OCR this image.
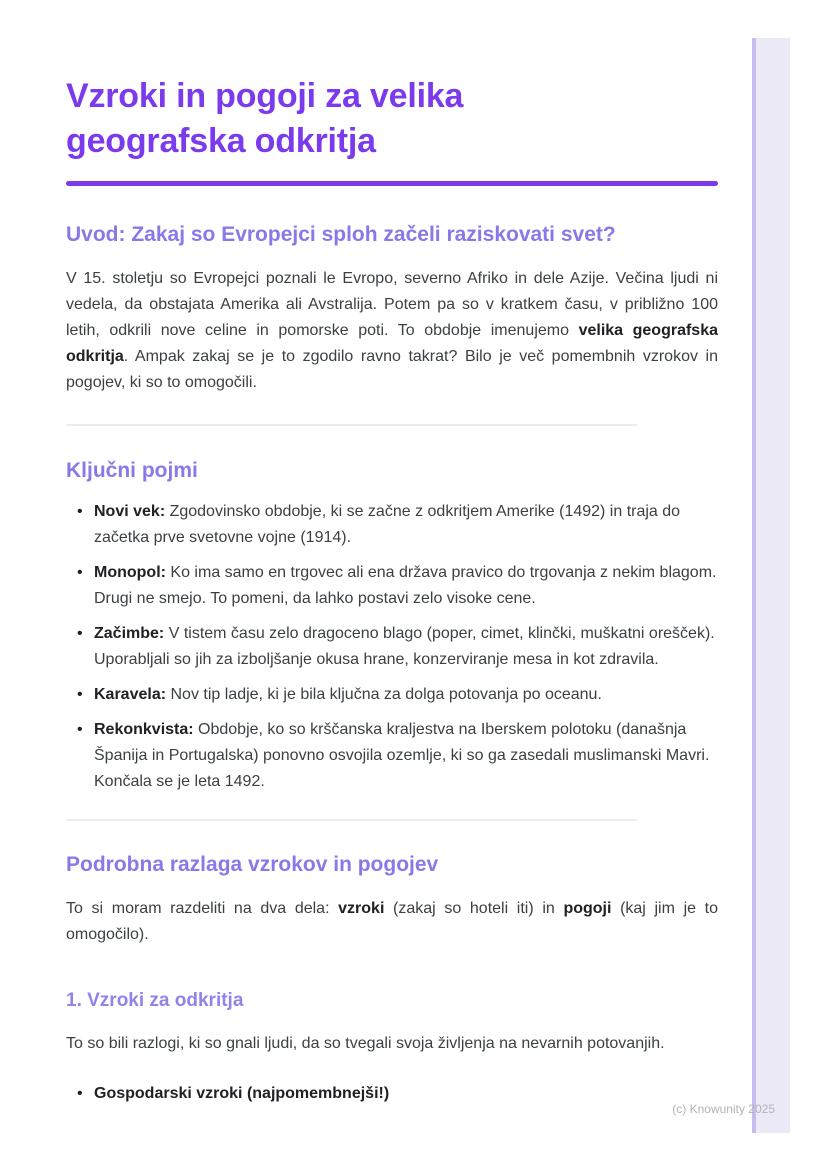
Vzroki in pogoji za velika
geografska odkritja
Uvod: Zakaj so Evropejci sploh začeli raziskovati svet?

V 15. stoletju so Evropejci poznali le Evropo, severno Afriko in dele Azije. Večina ljudi ni vedela, da obstajata Amerika ali Avstralija. Potem pa so v kratkem času, v približno 100 letih, odkrili nove celine in pomorske poti. To obdobje imenujemo velika geografska odkritja. Ampak zakaj se je to zgodilo ravno takrat? Bilo je več pomembnih vzrokov in pogojev, ki so to omogočili.

Ključni pojmi
• Novi vek: Zgodovinsko obdobje, ki se začne z odkritjem Amerike (1492) in traja do začetka prve svetovne vojne (1914).
• Monopol: Ko ima samo en trgovec ali ena država pravico do trgovanja z nekim blagom. Drugi ne smejo. To pomeni, da lahko postavi zelo visoke cene.
• Začimbe: V tistem času zelo dragoceno blago (poper, cimet, klinčki, muškatni orešček). Uporabljali so jih za izboljšanje okusa hrane, konzerviranje mesa in kot zdravila.
• Karavela: Nov tip ladje, ki je bila ključna za dolga potovanja po oceanu.
• Rekonkvista: Obdobje, ko so krščanska kraljestva na Iberskem polotoku (današnja Španija in Portugalska) ponovno osvojila ozemlje, ki so ga zasedali muslimanski Mavri. Končala se je leta 1492.
Podrobna razlaga vzrokov in pogojev

To si moram razdeliti na dva dela: vzroki (zakaj so hoteli iti) in pogoji (kaj jim je to omogočilo).

1. Vzroki za odkritja

To so bili razlogi, ki so gnali ljudi, da so tvegali svoja življenja na nevarnih potovanjih.

• Gospodarski vzroki (najpomembnejši!)
(c) Knowunity 2025
